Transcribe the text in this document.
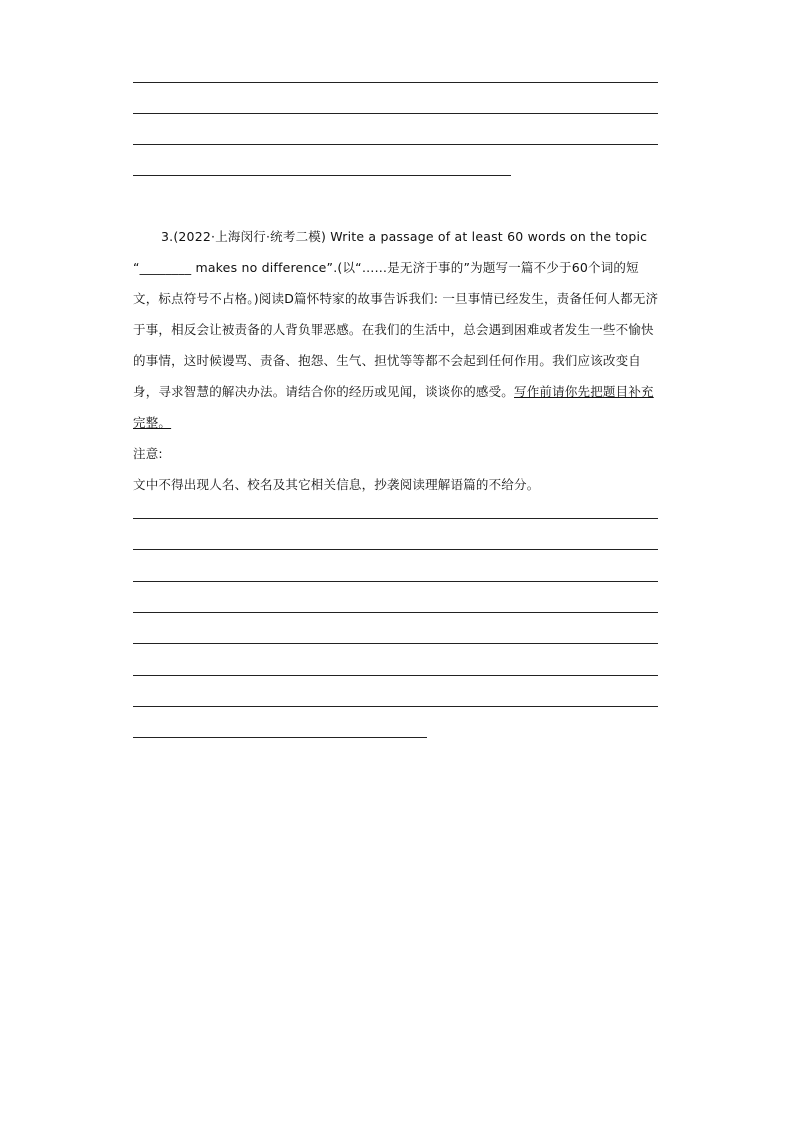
3.(2022·上海闵行·统考二模) Write a passage of at least 60 words on the topic “________ makes no difference”.(以“……是无济于事的”为题写一篇不少于60个词的短文，标点符号不占格。)阅读D篇怀特家的故事告诉我们: 一旦事情已经发生，责备任何人都无济于事，相反会让被责备的人背负罪恶感。在我们的生活中，总会遇到困难或者发生一些不愉快的事情，这时候谩骂、责备、抱怨、生气、担忧等等都不会起到任何作用。我们应该改变自身，寻求智慧的解决办法。请结合你的经历或见闻，谈谈你的感受。写作前请你先把题目补充完整。

注意:

文中不得出现人名、校名及其它相关信息，抄袭阅读理解语篇的不给分。
